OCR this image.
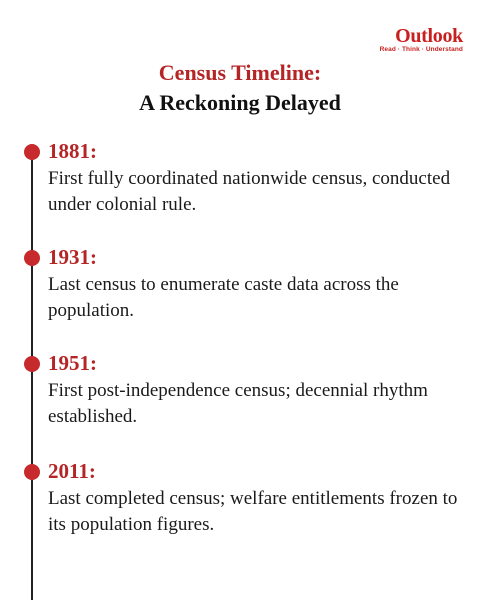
Outlook
Read · Think · Understand
Census Timeline:
A Reckoning Delayed
1881:
First fully coordinated nationwide census, conducted under colonial rule.
1931:
Last census to enumerate caste data across the population.
1951:
First post-independence census; decennial rhythm established.
2011:
Last completed census; welfare entitlements frozen to its population figures.
